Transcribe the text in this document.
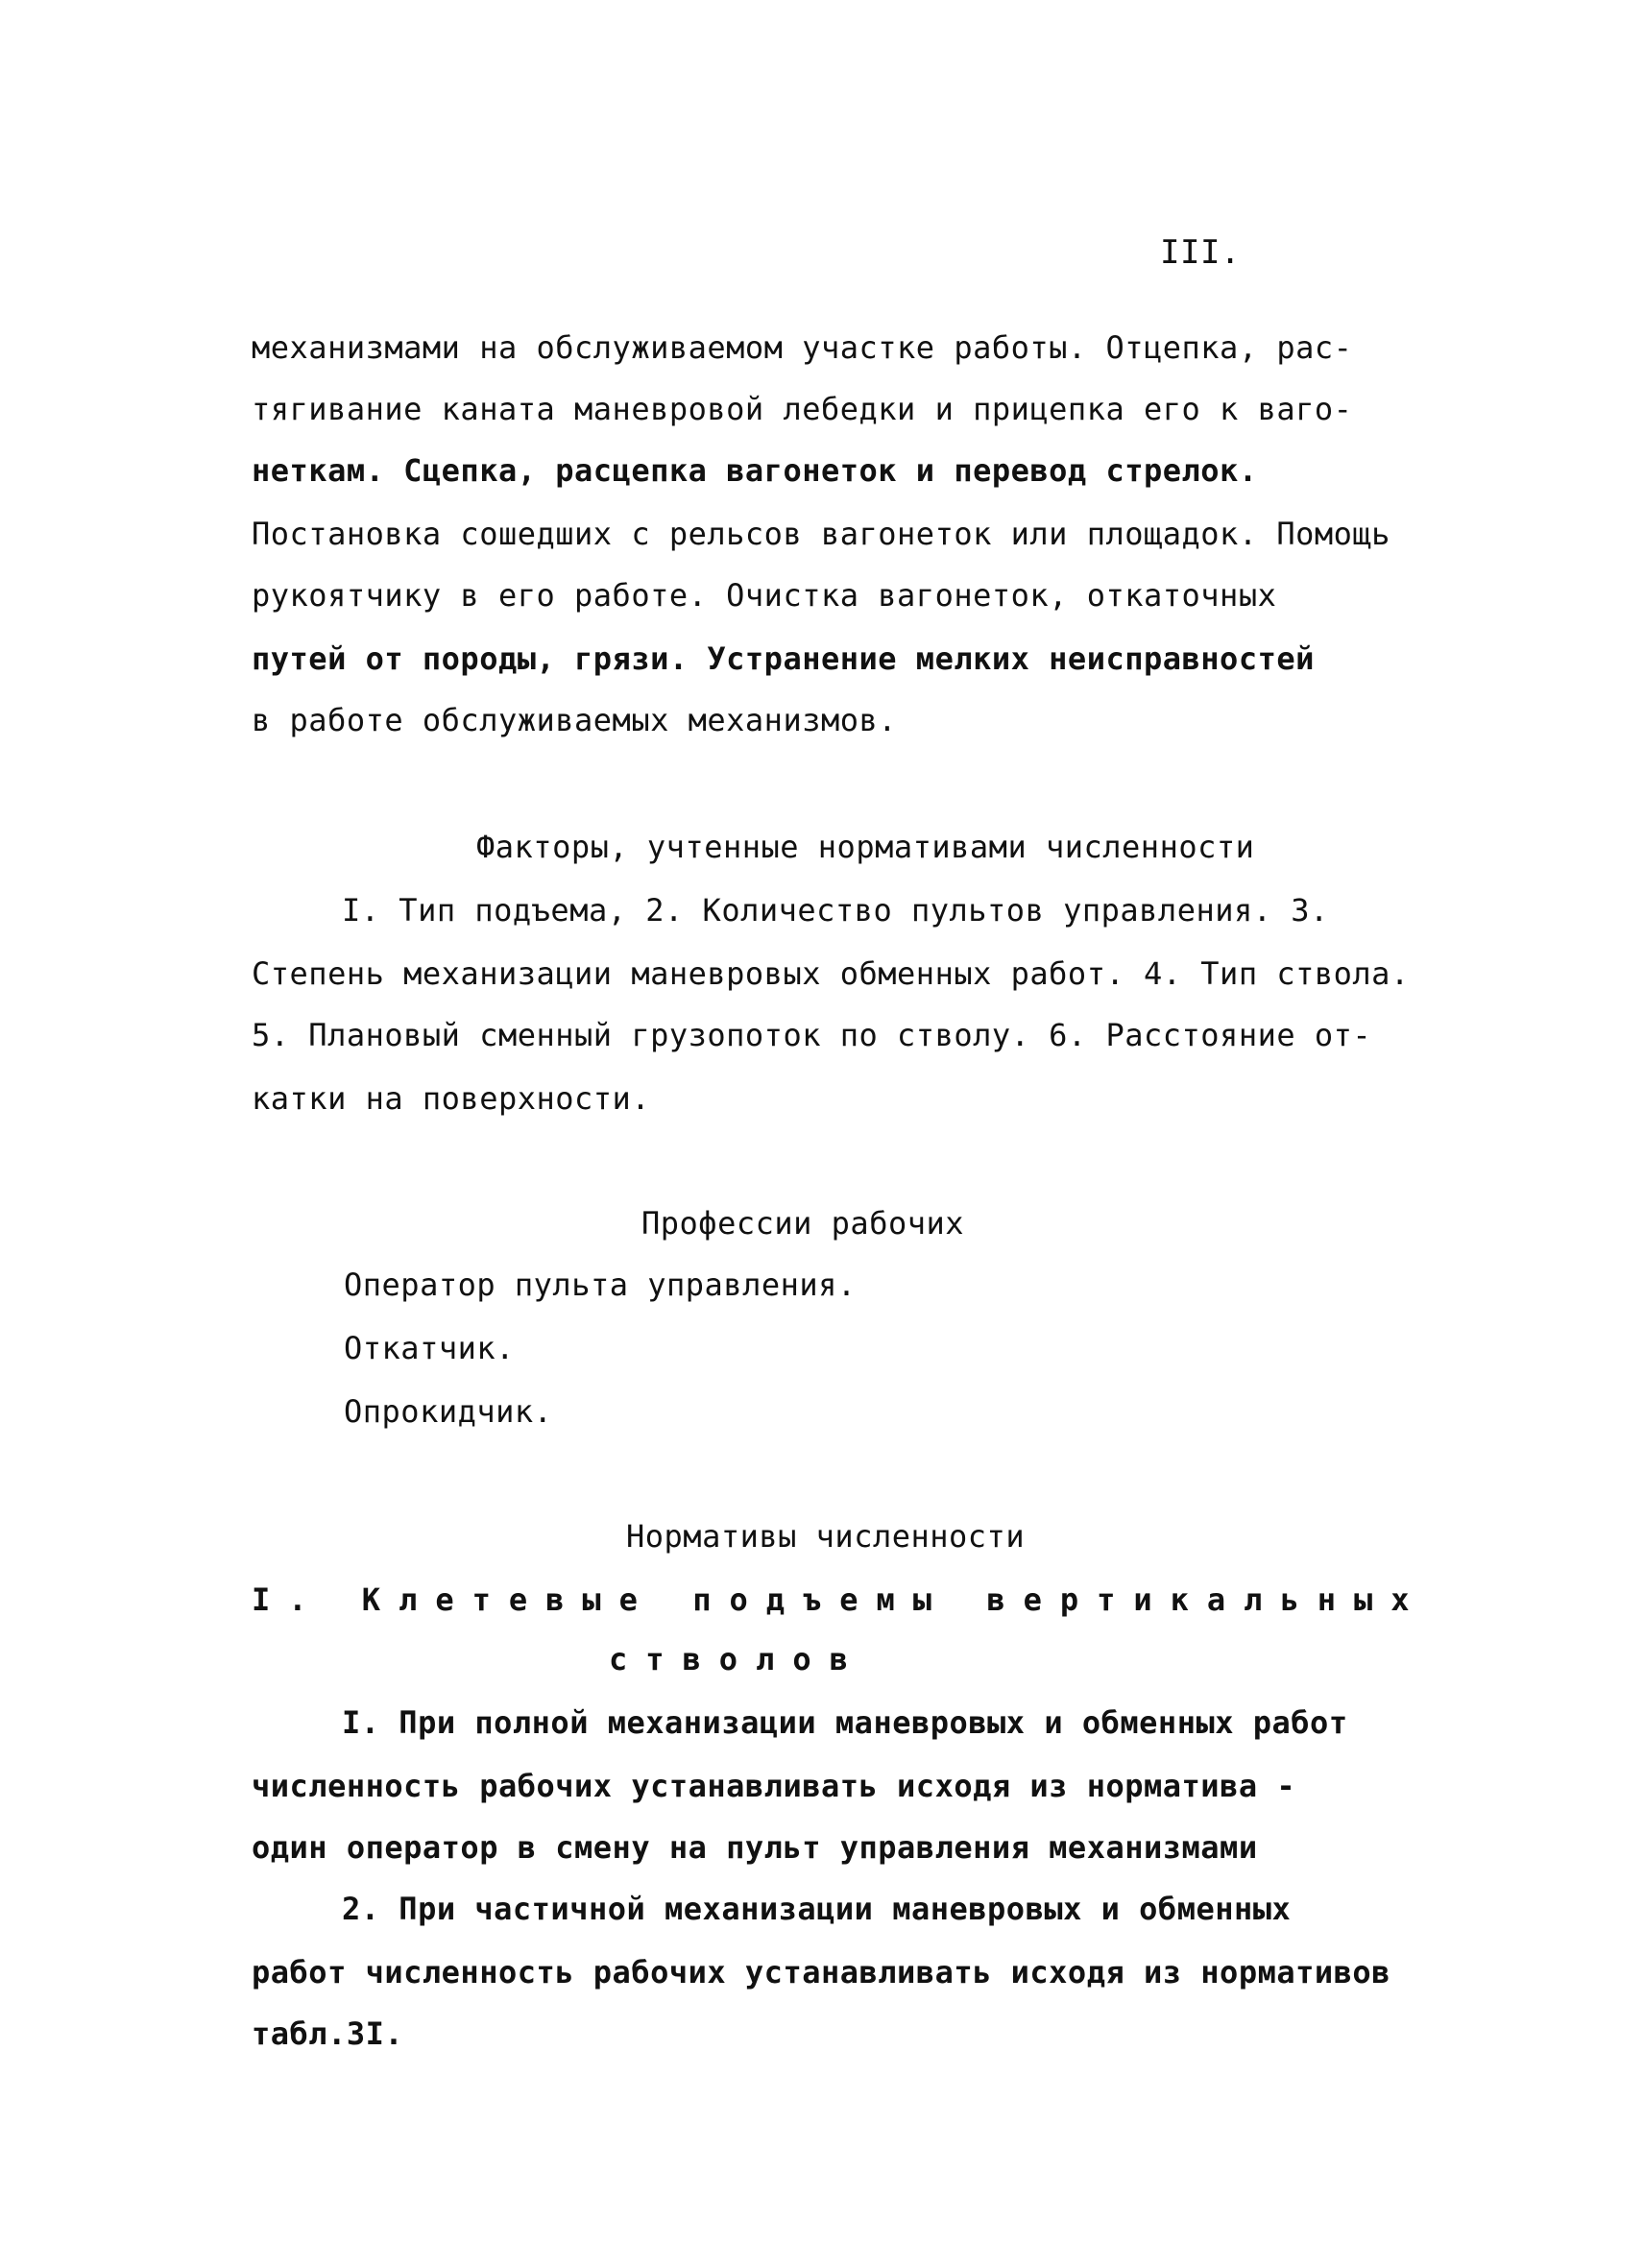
III.
механизмами на обслуживаемом участке работы. Отцепка, рас-
тягивание каната маневровой лебедки и прицепка его к ваго-
неткам. Сцепка, расцепка вагонеток и перевод стрелок.
Постановка сошедших с рельсов вагонеток или площадок. Помощь
рукоятчику в его работе. Очистка вагонеток, откаточных
путей от породы, грязи. Устранение мелких неисправностей
в работе обслуживаемых механизмов.
Факторы, учтенные нормативами численности
I. Тип подъема, 2. Количество пультов управления. 3.
Степень механизации маневровых обменных работ. 4. Тип ствола.
5. Плановый сменный грузопоток по стволу. 6. Расстояние от-
катки на поверхности.
Профессии рабочих
Оператор пульта управления.
Откатчик.
Опрокидчик.
Нормативы численности
I. Клетевые подъемы вертикальных
стволов
I. При полной механизации маневровых и обменных работ
численность рабочих устанавливать исходя из норматива -
один оператор в смену на пульт управления механизмами
2. При частичной механизации маневровых и обменных
работ численность рабочих устанавливать исходя из нормативов
табл.3I.
